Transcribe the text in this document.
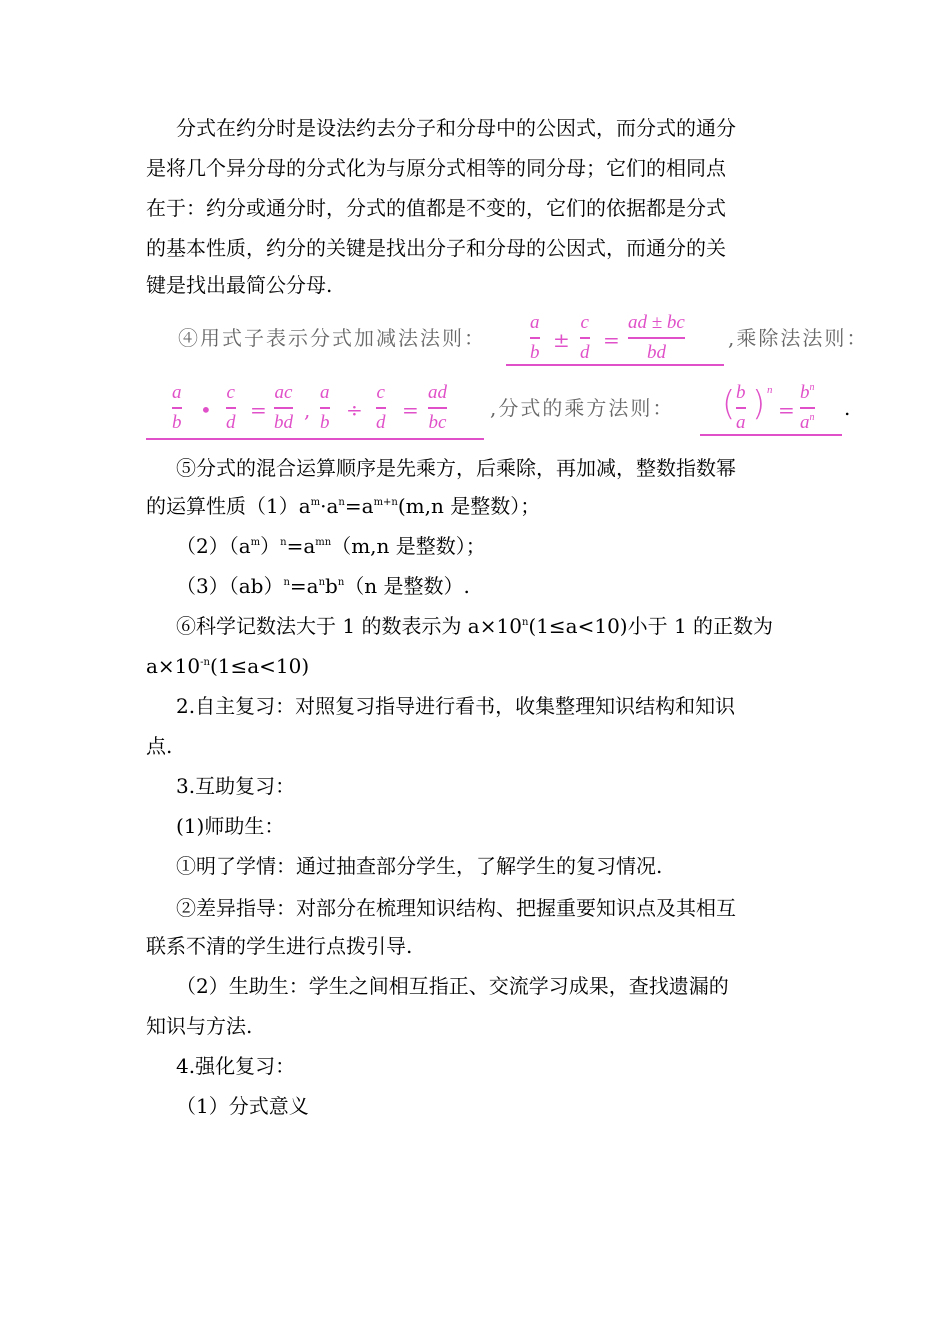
分式在约分时是设法约去分子和分母中的公因式，而分式的通分
是将几个异分母的分式化为与原分式相等的同分母；它们的相同点
在于：约分或通分时，分式的值都是不变的，它们的依据都是分式
的基本性质，约分的关键是找出分子和分母的公因式，而通分的关
键是找出最简公分母.
④用式子表示分式加减法法则：
a
b ±
c
d =
ad ± bc
bd
,乘除法法则：
a
b •
c
d =
ac
bd ,
a
b ÷
c
d =
ad
bc
,分式的乘方法则： ( b
a ) n
=
$b^n$
$a^n$ .
⑤分式的混合运算顺序是先乘方，后乘除，再加减，整数指数幂
的运算性质$(1)a^m\cdot a^n=a^{m+n}(m,n$ 是整数）；
$(2)(a^m)^n=a^{mn}(m,n$ 是整数）；
$(3)(ab)^n=a^nb^n(n$ 是整数）.
⑥科学记数法大于 1 的数表示为 $a\times 10^n(1\le a<10)$小于 1 的正数为
$a\times 10^{-n}(1\le a<10)$
2.自主复习：对照复习指导进行看书，收集整理知识结构和知识
点.
3.互助复习：
(1)师助生：
①明了学情：通过抽查部分学生，了解学生的复习情况.
②差异指导：对部分在梳理知识结构、把握重要知识点及其相互
联系不清的学生进行点拨引导.
（2）生助生：学生之间相互指正、交流学习成果，查找遗漏的
知识与方法.
4.强化复习：
（1）分式意义
